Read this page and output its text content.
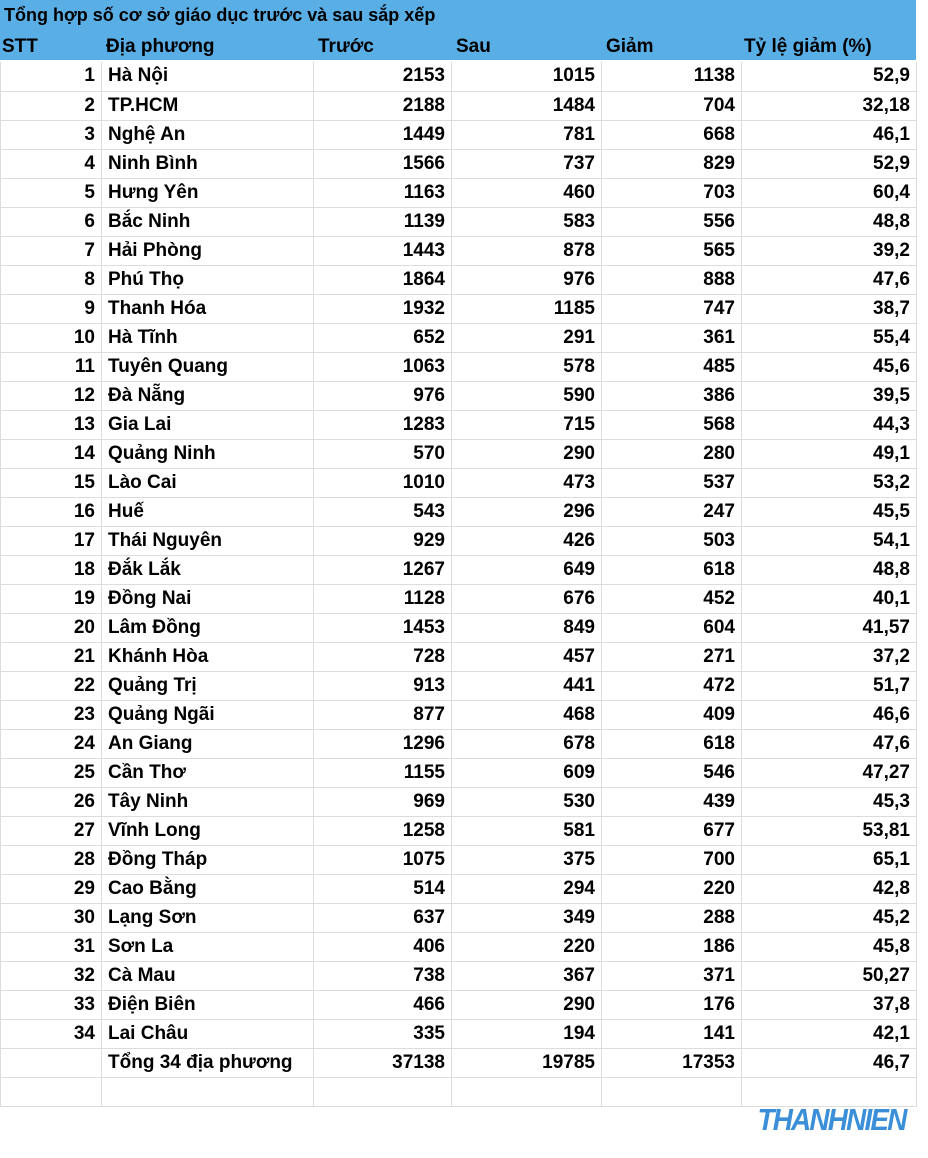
Tổng hợp số cơ sở giáo dục trước và sau sắp xếp
STT	Địa phương	Trước	Sau	Giảm	Tỷ lệ giảm (%)
1	Hà Nội	2153	1015	1138	52,9
2	TP.HCM	2188	1484	704	32,18
3	Nghệ An	1449	781	668	46,1
4	Ninh Bình	1566	737	829	52,9
5	Hưng Yên	1163	460	703	60,4
6	Bắc Ninh	1139	583	556	48,8
7	Hải Phòng	1443	878	565	39,2
8	Phú Thọ	1864	976	888	47,6
9	Thanh Hóa	1932	1185	747	38,7
10	Hà Tĩnh	652	291	361	55,4
11	Tuyên Quang	1063	578	485	45,6
12	Đà Nẵng	976	590	386	39,5
13	Gia Lai	1283	715	568	44,3
14	Quảng Ninh	570	290	280	49,1
15	Lào Cai	1010	473	537	53,2
16	Huế	543	296	247	45,5
17	Thái Nguyên	929	426	503	54,1
18	Đắk Lắk	1267	649	618	48,8
19	Đồng Nai	1128	676	452	40,1
20	Lâm Đồng	1453	849	604	41,57
21	Khánh Hòa	728	457	271	37,2
22	Quảng Trị	913	441	472	51,7
23	Quảng Ngãi	877	468	409	46,6
24	An Giang	1296	678	618	47,6
25	Cần Thơ	1155	609	546	47,27
26	Tây Ninh	969	530	439	45,3
27	Vĩnh Long	1258	581	677	53,81
28	Đồng Tháp	1075	375	700	65,1
29	Cao Bằng	514	294	220	42,8
30	Lạng Sơn	637	349	288	45,2
31	Sơn La	406	220	186	45,8
32	Cà Mau	738	367	371	50,27
33	Điện Biên	466	290	176	37,8
34	Lai Châu	335	194	141	42,1
	Tổng 34 địa phương	37138	19785	17353	46,7

THANHNIEN
